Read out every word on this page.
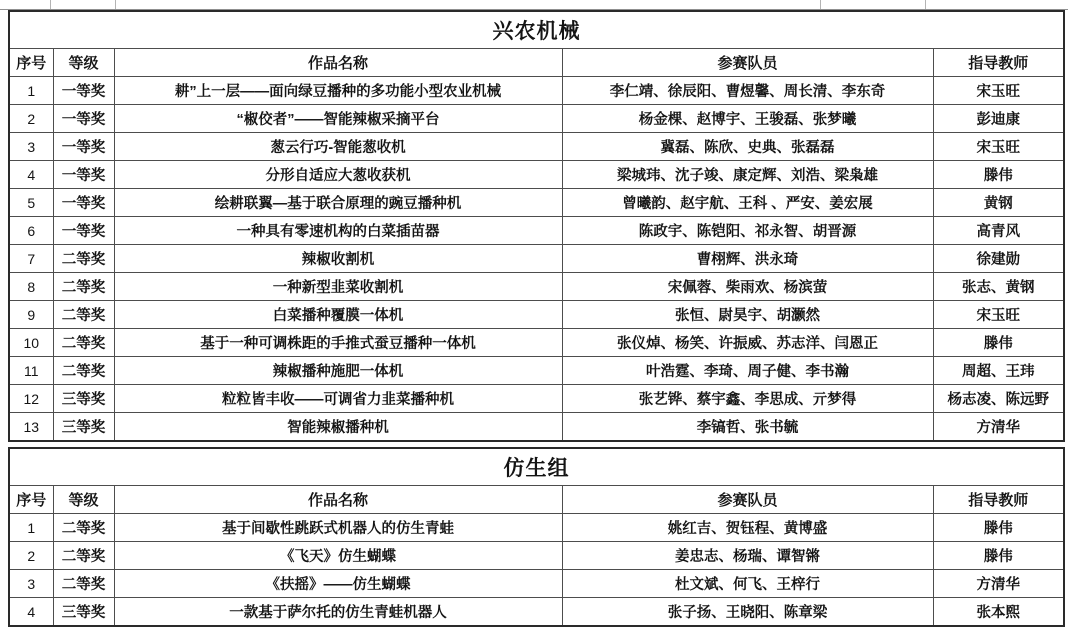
兴农机械				
序号	等级	作品名称	参赛队员	指导教师
1	一等奖	耕”上一层——面向绿豆播种的多功能小型农业机械	李仁靖、徐辰阳、曹煜馨、周长清、李东奇	宋玉旺
2	一等奖	“椒佼者”——智能辣椒采摘平台	杨金棵、赵博宇、王骏磊、张梦曦	彭迪康
3	一等奖	葱云行巧-智能葱收机	冀磊、陈欣、史典、张磊磊	宋玉旺
4	一等奖	分形自适应大葱收获机	梁城玮、沈子竣、康定辉、刘浩、梁枭雄	滕伟
5	一等奖	绘耕联翼—基于联合原理的豌豆播种机	曾曦韵、赵宇航、王科 、严安、姜宏展	黄钢
6	一等奖	一种具有零速机构的白菜插苗器	陈政宇、陈铠阳、祁永智、胡晋源	高青风
7	二等奖	辣椒收割机	曹栩辉、洪永琦	徐建勋
8	二等奖	一种新型韭菜收割机	宋佩蓉、柴雨欢、杨滨萤	张志、黄钢
9	二等奖	白菜播种覆膜一体机	张恒、尉昊宇、胡灏然	宋玉旺
10	二等奖	基于一种可调株距的手推式蚕豆播种一体机	张仪焯、杨笑、许振威、苏志洋、闫恩正	滕伟
11	二等奖	辣椒播种施肥一体机	叶浩霆、李琦、周子健、李书瀚	周超、王玮
12	三等奖	粒粒皆丰收——可调省力韭菜播种机	张艺铧、蔡宇鑫、李思成、亓梦得	杨志凌、陈远野
13	三等奖	智能辣椒播种机	李镐哲、张书毓	方清华
仿生组				
序号	等级	作品名称	参赛队员	指导教师
1	二等奖	基于间歇性跳跃式机器人的仿生青蛙	姚红吉、贺钰程、黄博盛	滕伟
2	二等奖	《飞天》仿生蝴蝶	姜忠志、杨瑞、谭智锵	滕伟
3	二等奖	《扶摇》——仿生蝴蝶	杜文斌、何飞、王梓行	方清华
4	三等奖	一款基于萨尔托的仿生青蛙机器人	张子扬、王晓阳、陈章梁	张本熙
